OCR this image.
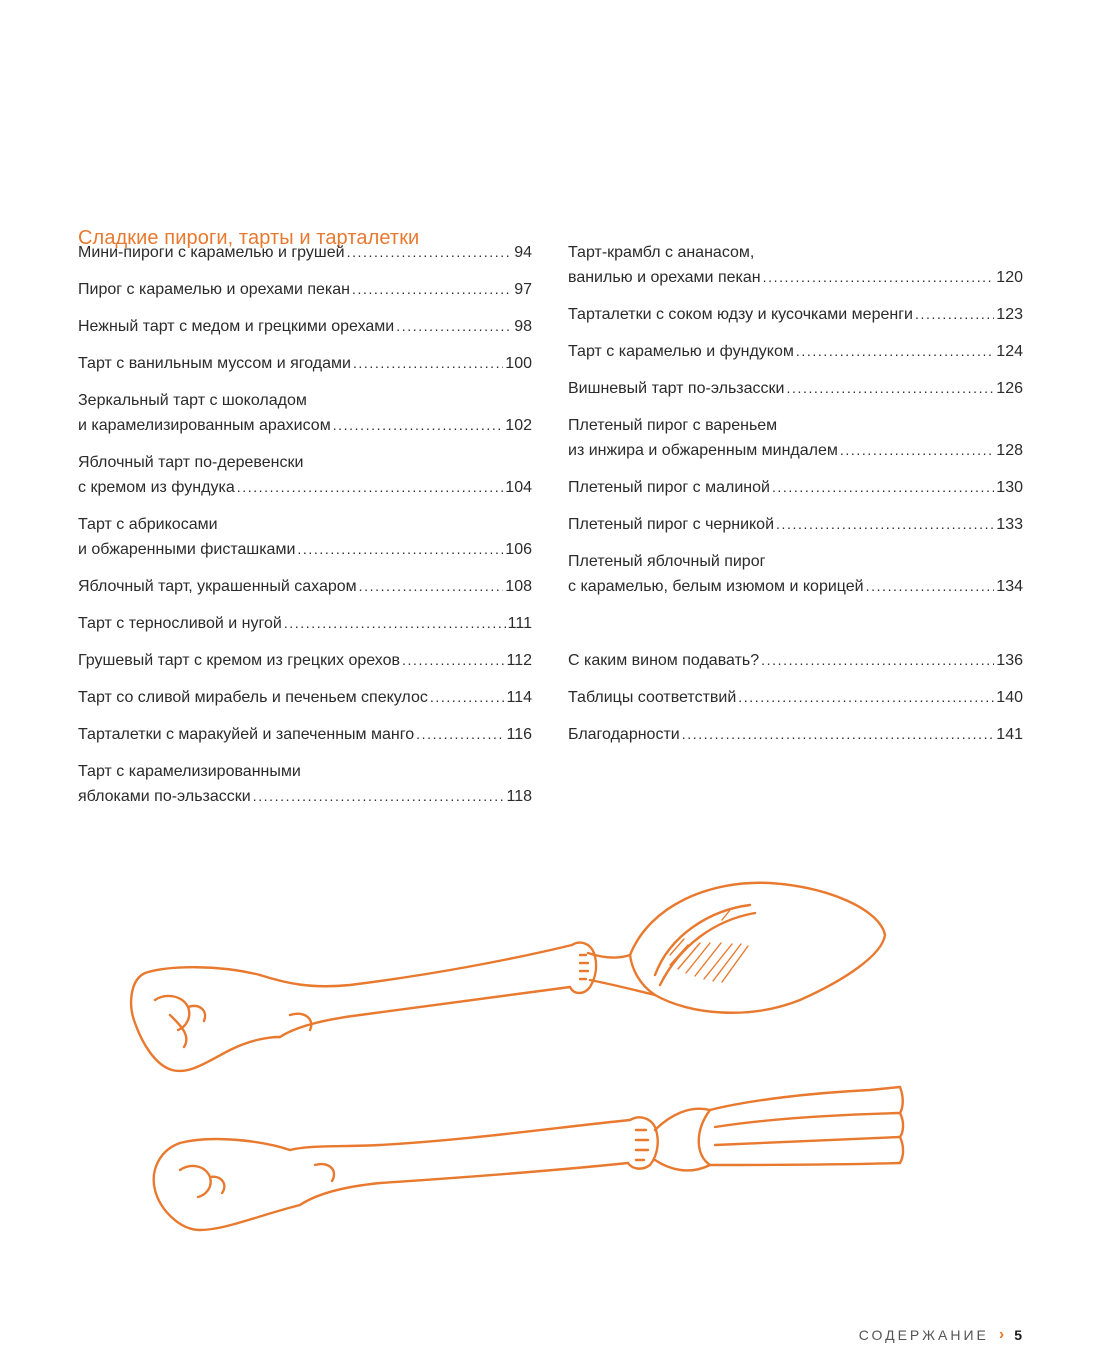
Сладкие пироги, тарты и тарталетки
Мини-пироги с карамелью и грушей .....	94
Пирог с карамелью и орехами пекан .....	97
Нежный тарт с медом и грецкими орехами .....	98
Тарт с ванильным муссом и ягодами .....	100
Зеркальный тарт с шоколадом
и карамелизированным арахисом .....	102
Яблочный тарт по-деревенски
с кремом из фундука .....	104
Тарт с абрикосами
и обжаренными фисташками .....	106
Яблочный тарт, украшенный сахаром .....	108
Тарт с терносливой и нугой .....	111
Грушевый тарт с кремом из грецких орехов .....	112
Тарт со сливой мирабель и печеньем спекулос .....	114
Тарталетки с маракуйей и запеченным манго .....	116
Тарт с карамелизированными
яблоками по-эльзасски .....	118
Тарт-крамбл с ананасом,
ванилью и орехами пекан .....	120
Тарталетки с соком юдзу и кусочками меренги .....	123
Тарт с карамелью и фундуком .....	124
Вишневый тарт по-эльзасски .....	126
Плетеный пирог с вареньем
из инжира и обжаренным миндалем .....	128
Плетеный пирог с малиной .....	130
Плетеный пирог с черникой .....	133
Плетеный яблочный пирог
с карамелью, белым изюмом и корицей .....	134
С каким вином подавать? .....	136
Таблицы соответствий .....	140
Благодарности .....	141
СОДЕРЖАНИЕ › 5
